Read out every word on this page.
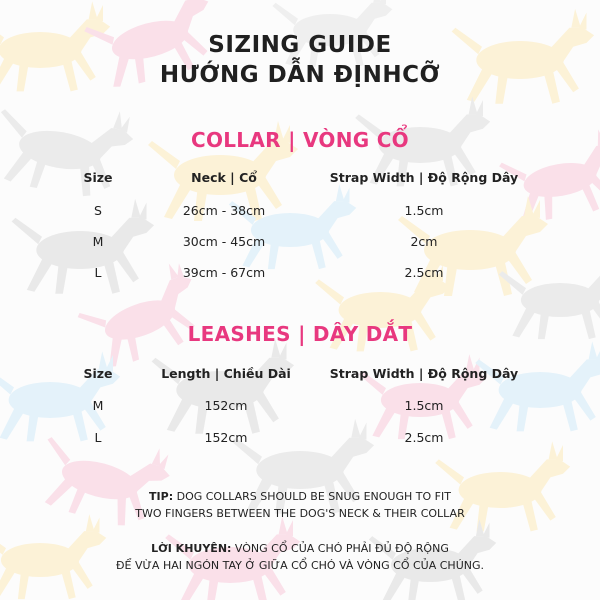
SIZING GUIDE
HƯỚNG DẪN ĐỊNHCỠ
COLLAR | VÒNG CỔ
Size	Neck | Cổ	Strap Width | Độ Rộng Dây
S	26cm - 38cm	1.5cm
M	30cm - 45cm	2cm
L	39cm - 67cm	2.5cm
LEASHES | DÂY DẮT
Size	Length | Chiều Dài	Strap Width | Độ Rộng Dây
M	152cm	1.5cm
L	152cm	2.5cm
TIP: DOG COLLARS SHOULD BE SNUG ENOUGH TO FIT
TWO FINGERS BETWEEN THE DOG'S NECK & THEIR COLLAR
LỜI KHUYÊN: VÒNG CỔ CỦA CHÓ PHẢI ĐỦ ĐỘ RỘNG
ĐỂ VỪA HAI NGÓN TAY Ở GIỮA CỔ CHÓ VÀ VÒNG CỔ CỦA CHÚNG.
